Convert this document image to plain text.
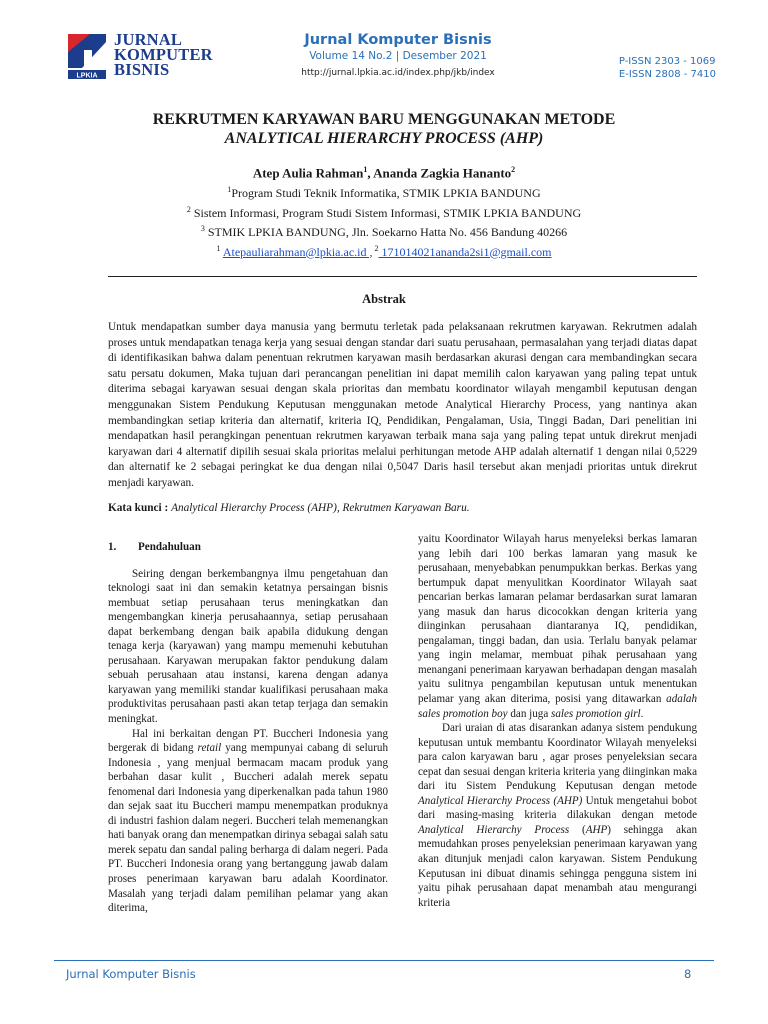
LPKIA
JURNAL
KOMPUTER
BISNIS
Jurnal Komputer Bisnis
Volume 14 No.2 | Desember 2021
http://jurnal.lpkia.ac.id/index.php/jkb/index
P-ISSN 2303 - 1069
E-ISSN 2808 - 7410
REKRUTMEN KARYAWAN BARU MENGGUNAKAN METODE
ANALYTICAL HIERARCHY PROCESS (AHP)
Atep Aulia Rahman$^1$, Ananda Zagkia Hananto$^2$
$^1$Program Studi Teknik Informatika, STMIK LPKIA BANDUNG
$^2$ Sistem Informasi, Program Studi Sistem Informasi, STMIK LPKIA BANDUNG
$^3$ STMIK LPKIA BANDUNG, Jln. Soekarno Hatta No. 456 Bandung 40266
$^1$ Atepauliarahman@lpkia.ac.id , $^2$ 171014021ananda2si1@gmail.com
Abstrak
Untuk mendapatkan sumber daya manusia yang bermutu terletak pada pelaksanaan rekrutmen karyawan. Rekrutmen adalah proses untuk mendapatkan tenaga kerja yang sesuai dengan standar dari suatu perusahaan, permasalahan yang terjadi diatas dapat di identifikasikan bahwa dalam penentuan rekrutmen karyawan masih berdasarkan akurasi dengan cara membandingkan secara satu persatu dokumen, Maka tujuan dari perancangan penelitian ini dapat memilih calon karyawan yang paling tepat untuk diterima sebagai karyawan sesuai dengan skala prioritas dan membatu koordinator wilayah mengambil keputusan dengan menggunakan Sistem Pendukung Keputusan menggunakan metode Analytical Hierarchy Process, yang nantinya akan membandingkan setiap kriteria dan alternatif, kriteria IQ, Pendidikan, Pengalaman, Usia, Tinggi Badan, Dari penelitian ini mendapatkan hasil perangkingan penentuan rekrutmen karyawan terbaik mana saja yang paling tepat untuk direkrut menjadi karyawan dari 4 alternatif dipilih sesuai skala prioritas melalui perhitungan metode AHP adalah alternatif 1 dengan nilai 0,5229 dan alternatif ke 2 sebagai peringkat ke dua dengan nilai 0,5047 Daris hasil tersebut akan menjadi prioritas untuk direkrut menjadi karyawan.
Kata kunci : Analytical Hierarchy Process (AHP), Rekrutmen Karyawan Baru.

1. Pendahuluan

Seiring dengan berkembangnya ilmu pengetahuan dan teknologi saat ini dan semakin ketatnya persaingan bisnis membuat setiap perusahaan terus meningkatkan dan mengembangkan kinerja perusahaannya, setiap perusahaan dapat berkembang dengan baik apabila didukung dengan tenaga kerja (karyawan) yang mampu memenuhi kebutuhan perusahaan. Karyawan merupakan faktor pendukung dalam sebuah perusahaan atau instansi, karena dengan adanya karyawan yang memiliki standar kualifikasi perusahaan maka produktivitas perusahaan pasti akan tetap terjaga dan semakin meningkat.

Hal ini berkaitan dengan PT. Buccheri Indonesia yang bergerak di bidang retail yang mempunyai cabang di seluruh Indonesia , yang menjual bermacam macam produk yang berbahan dasar kulit , Buccheri adalah merek sepatu fenomenal dari Indonesia yang diperkenalkan pada tahun 1980 dan sejak saat itu Buccheri mampu menempatkan produknya di industri fashion dalam negeri. Buccheri telah memenangkan hati banyak orang dan menempatkan dirinya sebagai salah satu merek sepatu dan sandal paling berharga di dalam negeri. Pada PT. Buccheri Indonesia orang yang bertanggung jawab dalam proses penerimaan karyawan baru adalah Koordinator. Masalah yang terjadi dalam pemilihan pelamar yang akan diterima,

yaitu Koordinator Wilayah harus menyeleksi berkas lamaran yang lebih dari 100 berkas lamaran yang masuk ke perusahaan, menyebabkan penumpukkan berkas. Berkas yang bertumpuk dapat menyulitkan Koordinator Wilayah saat pencarian berkas lamaran pelamar berdasarkan surat lamaran yang masuk dan harus dicocokkan dengan kriteria yang diinginkan perusahaan diantaranya IQ, pendidikan, pengalaman, tinggi badan, dan usia. Terlalu banyak pelamar yang ingin melamar, membuat pihak perusahaan yang menangani penerimaan karyawan berhadapan dengan masalah yaitu sulitnya pengambilan keputusan untuk menentukan pelamar yang akan diterima, posisi yang ditawarkan adalah sales promotion boy dan juga sales promotion girl.

Dari uraian di atas disarankan adanya sistem pendukung keputusan untuk membantu Koordinator Wilayah menyeleksi para calon karyawan baru , agar proses penyeleksian secara cepat dan sesuai dengan kriteria kriteria yang diinginkan maka dari itu Sistem Pendukung Keputusan dengan metode Analytical Hierarchy Process (AHP) Untuk mengetahui bobot dari masing-masing kriteria dilakukan dengan metode Analytical Hierarchy Process (AHP) sehingga akan memudahkan proses penyeleksian penerimaan karyawan yang akan ditunjuk menjadi calon karyawan. Sistem Pendukung Keputusan ini dibuat dinamis sehingga pengguna sistem ini yaitu pihak perusahaan dapat menambah atau mengurangi kriteria

Jurnal Komputer Bisnis	8
